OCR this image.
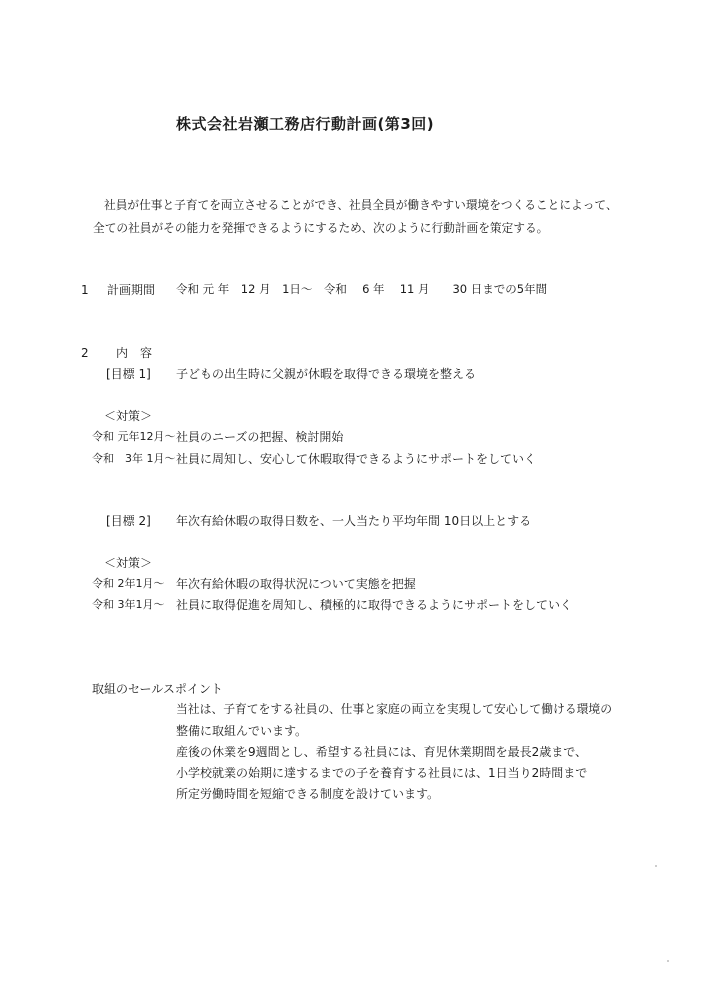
株式会社岩瀬工務店行動計画(第3回)
社員が仕事と子育てを両立させることができ、社員全員が働きやすい環境をつくることによって、
全ての社員がその能力を発揮できるようにするため、次のように行動計画を策定する。
1 計画期間 令和 元 年　12 月　1日～　令和　 6 年　 11 月　　30 日までの5年間
2 内　容
[目標 1] 子どもの出生時に父親が休暇を取得できる環境を整える
＜対策＞
令和 元年12月～ 社員のニーズの把握、検討開始
令和　3年 1月～ 社員に周知し、安心して休暇取得できるようにサポートをしていく
[目標 2] 年次有給休暇の取得日数を、一人当たり平均年間 10日以上とする
＜対策＞
令和 2年1月～ 年次有給休暇の取得状況について実態を把握
令和 3年1月～ 社員に取得促進を周知し、積極的に取得できるようにサポートをしていく
取組のセールスポイント
当社は、子育てをする社員の、仕事と家庭の両立を実現して安心して働ける環境の
整備に取組んでいます。
産後の休業を9週間とし、希望する社員には、育児休業期間を最長2歳まで、
小学校就業の始期に達するまでの子を養育する社員には、1日当り2時間まで
所定労働時間を短縮できる制度を設けています。
